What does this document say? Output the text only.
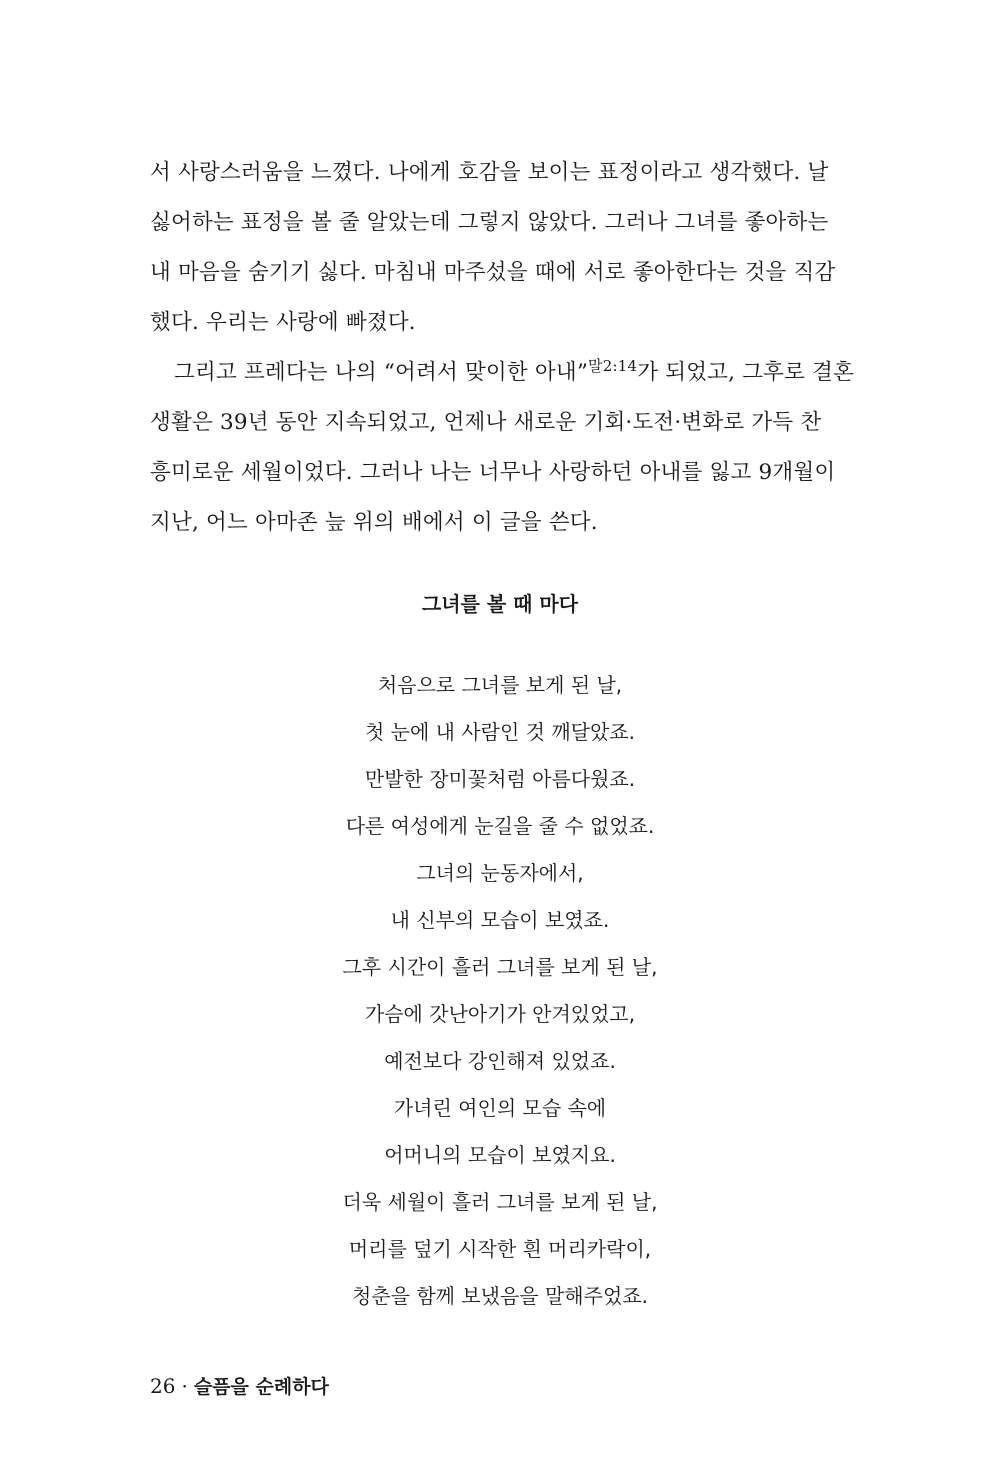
서 사랑스러움을 느꼈다. 나에게 호감을 보이는 표정이라고 생각했다. 날
싫어하는 표정을 볼 줄 알았는데 그렇지 않았다. 그러나 그녀를 좋아하는
내 마음을 숨기기 싫다. 마침내 마주섰을 때에 서로 좋아한다는 것을 직감
했다. 우리는 사랑에 빠졌다.
그리고 프레다는 나의 “어려서 맞이한 아내”$^{말2:14}$가 되었고, 그후로 결혼
생활은 39년 동안 지속되었고, 언제나 새로운 기회·도전·변화로 가득 찬
흥미로운 세월이었다. 그러나 나는 너무나 사랑하던 아내를 잃고 9개월이
지난, 어느 아마존 늪 위의 배에서 이 글을 쓴다.
그녀를 볼 때 마다
처음으로 그녀를 보게 된 날,
첫 눈에 내 사람인 것 깨달았죠.
만발한 장미꽃처럼 아름다웠죠.
다른 여성에게 눈길을 줄 수 없었죠.
그녀의 눈동자에서,
내 신부의 모습이 보였죠.
그후 시간이 흘러 그녀를 보게 된 날,
가슴에 갓난아기가 안겨있었고,
예전보다 강인해져 있었죠.
가녀린 여인의 모습 속에
어머니의 모습이 보였지요.
더욱 세월이 흘러 그녀를 보게 된 날,
머리를 덮기 시작한 흰 머리카락이,
청춘을 함께 보냈음을 말해주었죠.
26 · 슬픔을 순례하다
